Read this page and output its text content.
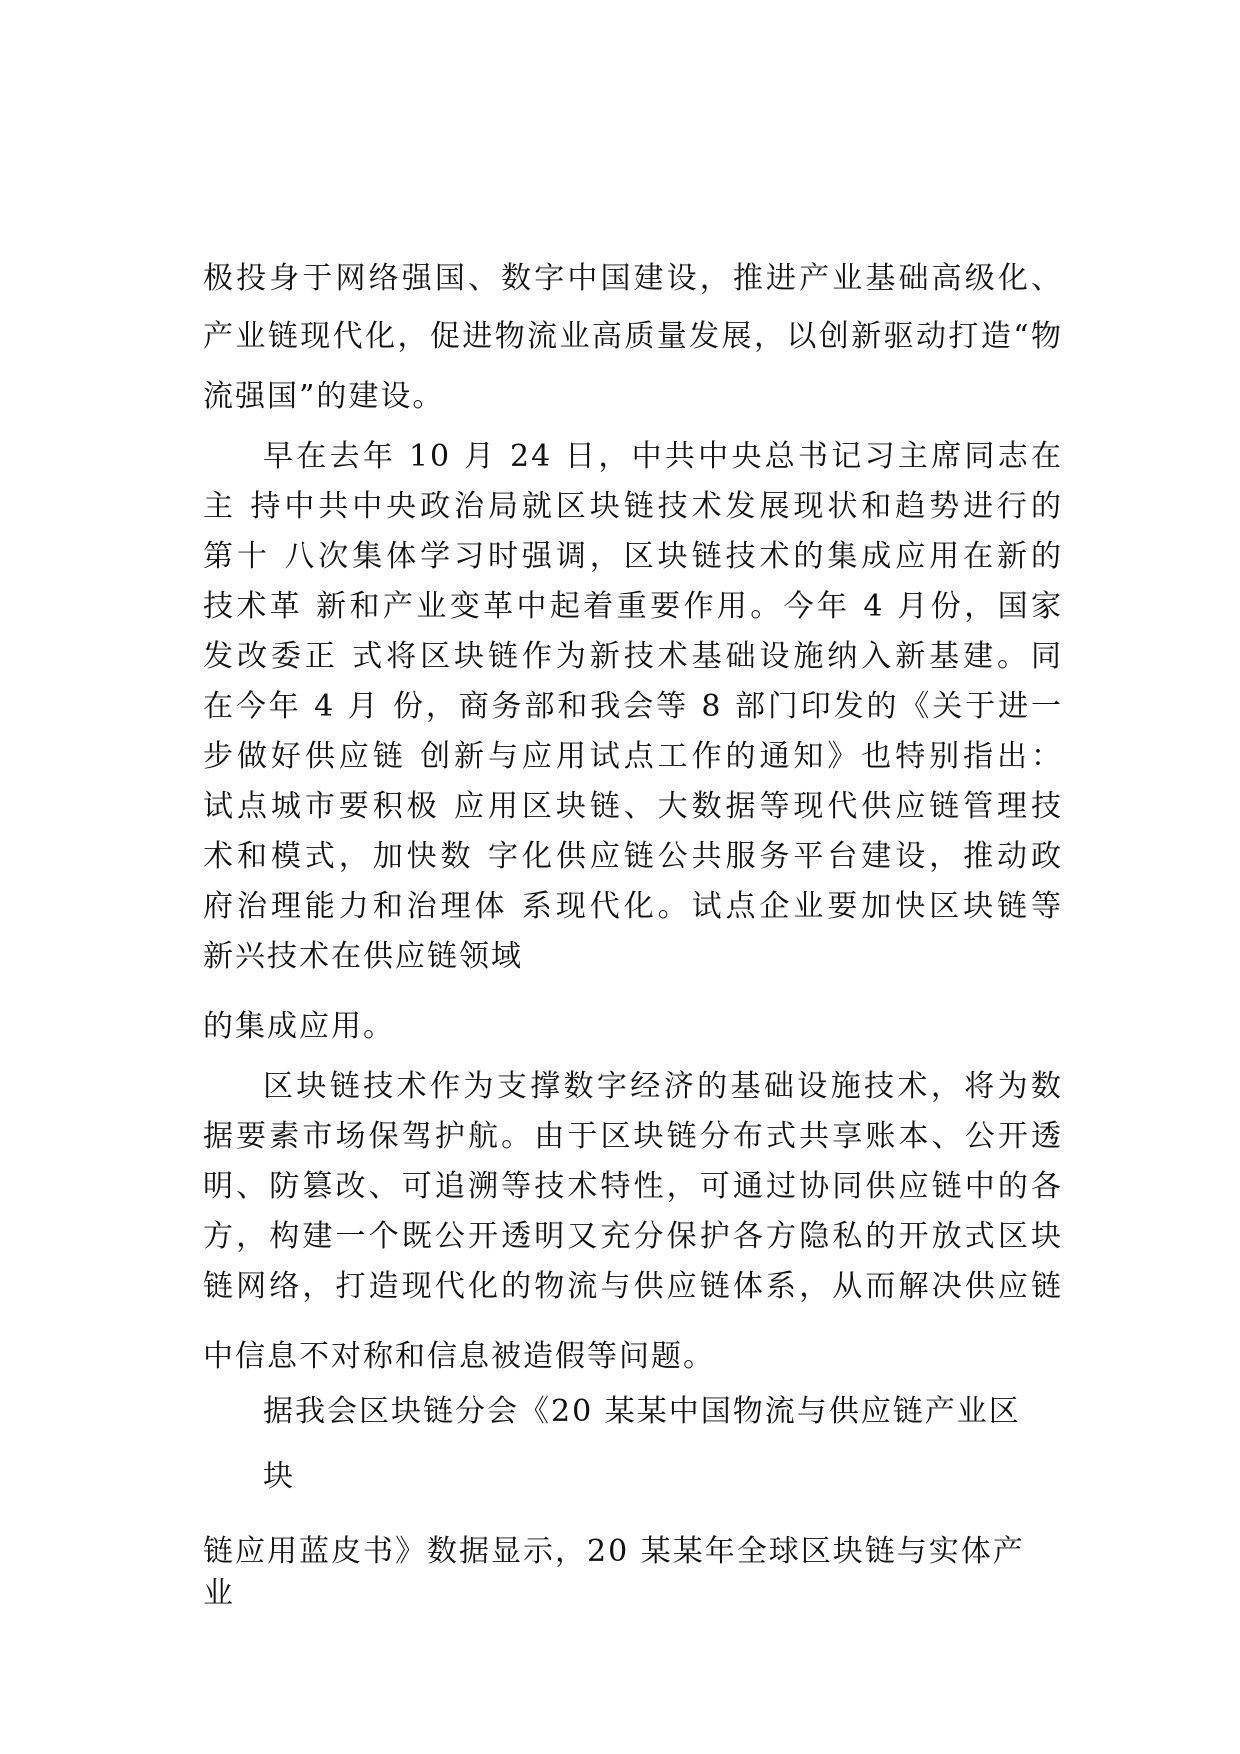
极投身于网络强国、数字中国建设，推进产业基础高级化、
产业链现代化，促进物流业高质量发展，以创新驱动打造“物
流强国”的建设。
早在去年 10 月 24 日，中共中央总书记习主席同志在
主 持中共中央政治局就区块链技术发展现状和趋势进行的
第十 八次集体学习时强调，区块链技术的集成应用在新的
技术革 新和产业变革中起着重要作用。今年 4 月份，国家
发改委正 式将区块链作为新技术基础设施纳入新基建。同
在今年 4 月 份，商务部和我会等 8 部门印发的《关于进一
步做好供应链 创新与应用试点工作的通知》也特别指出：
试点城市要积极 应用区块链、大数据等现代供应链管理技
术和模式，加快数 字化供应链公共服务平台建设，推动政
府治理能力和治理体 系现代化。试点企业要加快区块链等
新兴技术在供应链领域
的集成应用。
区块链技术作为支撑数字经济的基础设施技术，将为数
据要素市场保驾护航。由于区块链分布式共享账本、公开透
明、防篡改、可追溯等技术特性，可通过协同供应链中的各
方，构建一个既公开透明又充分保护各方隐私的开放式区块
链网络，打造现代化的物流与供应链体系，从而解决供应链
中信息不对称和信息被造假等问题。
据我会区块链分会《20 某某中国物流与供应链产业区
块
链应用蓝皮书》数据显示，20 某某年全球区块链与实体产
业
